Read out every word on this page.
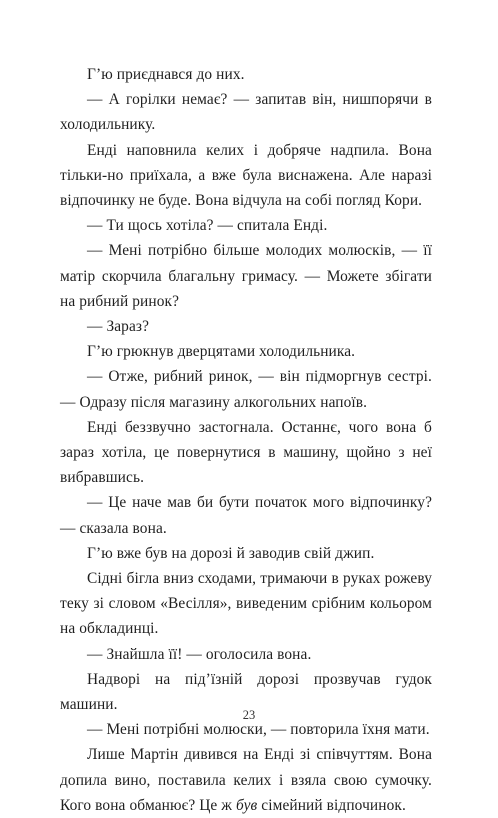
Г’ю приєднався до них.

— А горілки немає? — запитав він, нишпорячи в холодильнику.

Енді наповнила келих і добряче надпила. Вона тільки-но приїхала, а вже була виснажена. Але наразі відпочинку не буде. Вона відчула на собі погляд Кори.

— Ти щось хотіла? — спитала Енді.

— Мені потрібно більше молодих молюсків, — її матір скорчила благальну гримасу. — Можете збігати на рибний ринок?

— Зараз?

Г’ю грюкнув дверцятами холодильника.

— Отже, рибний ринок, — він підморгнув сестрі. — Одразу після магазину алкогольних напоїв.

Енді беззвучно застогнала. Останнє, чого вона б зараз хотіла, це повернутися в машину, щойно з неї вибравшись.

— Це наче мав би бути початок мого відпочинку? — сказала вона.

Г’ю вже був на дорозі й заводив свій джип.

Сідні бігла вниз сходами, тримаючи в руках рожеву теку зі словом «Весілля», виведеним срібним кольором на обкладинці.

— Знайшла її! — оголосила вона.

Надворі на під’їзній дорозі прозвучав гудок машини.

— Мені потрібні молюски, — повторила їхня мати.

Лише Мартін дивився на Енді зі співчуттям. Вона допила вино, поставила келих і взяла свою сумочку. Кого вона обманює? Це ж був сімейний відпочинок.

23
